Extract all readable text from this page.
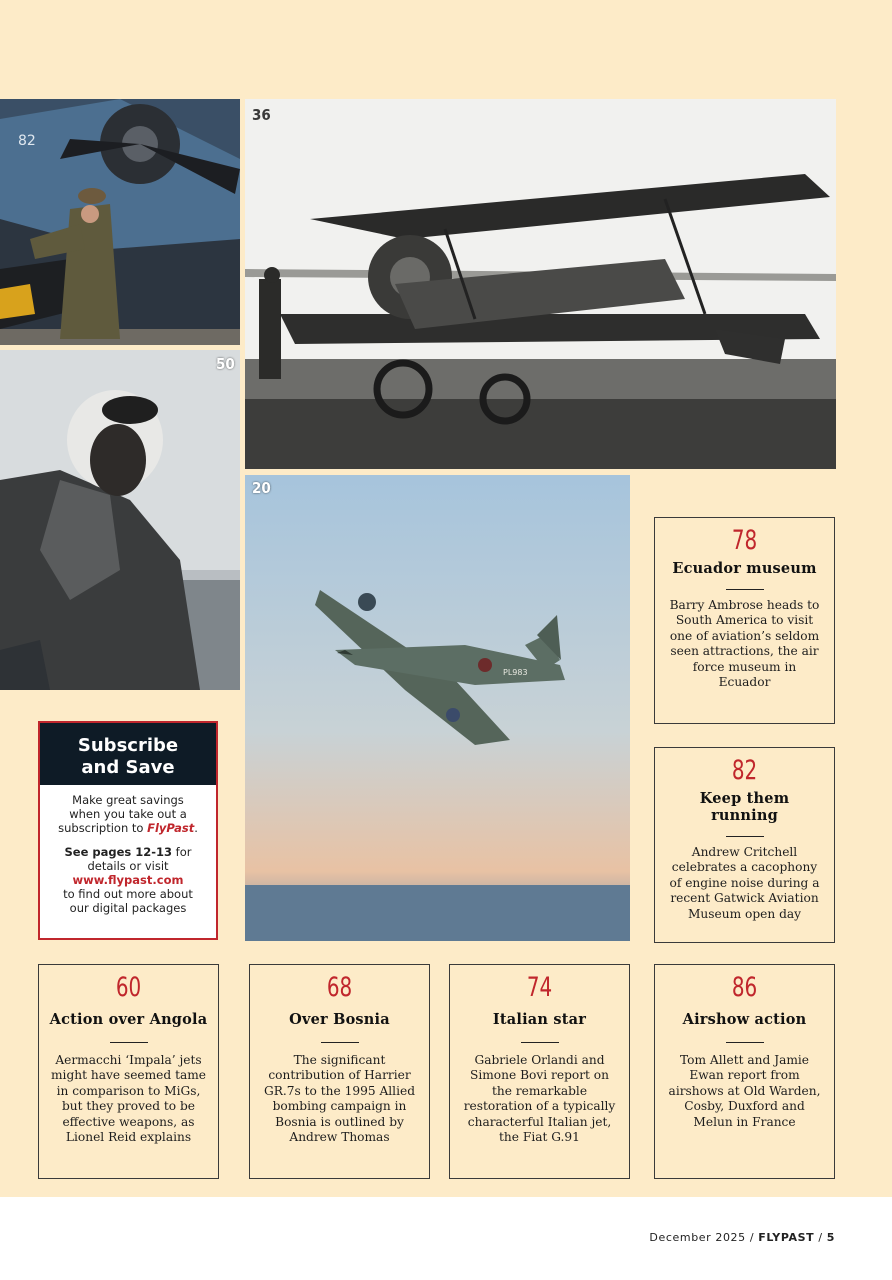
82
36
50
PL983
20
Subscribe
and Save
Make great savings
when you take out a
subscription to FlyPast.
See pages 12-13 for
details or visit
www.flypast.com
to find out more about
our digital packages
78
Ecuador museum
Barry Ambrose heads to South America to visit one of aviation’s seldom seen attractions, the air force museum in Ecuador
82
Keep them running
Andrew Critchell celebrates a cacophony of engine noise during a recent Gatwick Aviation Museum open day
60
Action over Angola
Aermacchi ‘Impala’ jets might have seemed tame in comparison to MiGs, but they proved to be effective weapons, as Lionel Reid explains
68
Over Bosnia
The significant contribution of Harrier GR.7s to the 1995 Allied bombing campaign in Bosnia is outlined by Andrew Thomas
74
Italian star
Gabriele Orlandi and Simone Bovi report on the remarkable restoration of a typically characterful Italian jet, the Fiat G.91
86
Airshow action
Tom Allett and Jamie Ewan report from airshows at Old Warden, Cosby, Duxford and Melun in France
December 2025 / FLYPAST / 5
